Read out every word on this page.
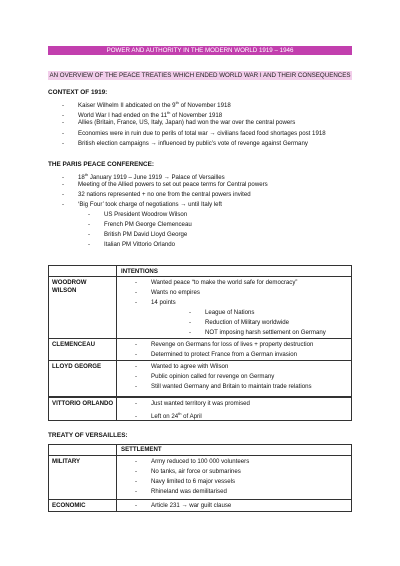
POWER AND AUTHORITY IN THE MODERN WORLD 1919 – 1946
AN OVERVIEW OF THE PEACE TREATIES WHICH ENDED WORLD WAR I AND THEIR CONSEQUENCES
CONTEXT OF 1919:
- Kaiser Wilhelm II abdicated on the 9th of November 1918
- World War I had ended on the 11th of November 1918
- Allies (Britain, France, US, Italy, Japan) had won the war over the central powers
- Economies were in ruin due to perils of total war → civilians faced food shortages post 1918
- British election campaigns → influenced by public’s vote of revenge against Germany
THE PARIS PEACE CONFERENCE:
- 18th January 1919 – June 1919 → Palace of Versailles
- Meeting of the Allied powers to set out peace terms for Central powers
- 32 nations represented + no one from the central powers invited
- ‘Big Four’ took charge of negotiations → until Italy left
- US President Woodrow Wilson
- French PM George Clemenceau
- British PM David Lloyd George
- Italian PM Vittorio Orlando
INTENTIONS
WOODROW WILSON
- Wanted peace “to make the world safe for democracy”
- Wants no empires
- 14 points
- League of Nations
- Reduction of Military worldwide
- NOT imposing harsh settlement on Germany
CLEMENCEAU	- Revenge on Germans for loss of lives + property destruction
- Determined to protect France from a German invasion
LLOYD GEORGE	- Wanted to agree with Wilson
- Public opinion called for revenge on Germany
- Still wanted Germany and Britain to maintain trade relations
VITTORIO ORLANDO	- Just wanted territory it was promised
- Left on 24th of April
TREATY OF VERSAILLES:
SETTLEMENT
MILITARY	- Army reduced to 100 000 volunteers
- No tanks, air force or submarines
- Navy limited to 6 major vessels
- Rhineland was demilitarised
ECONOMIC	- Article 231 → war guilt clause
